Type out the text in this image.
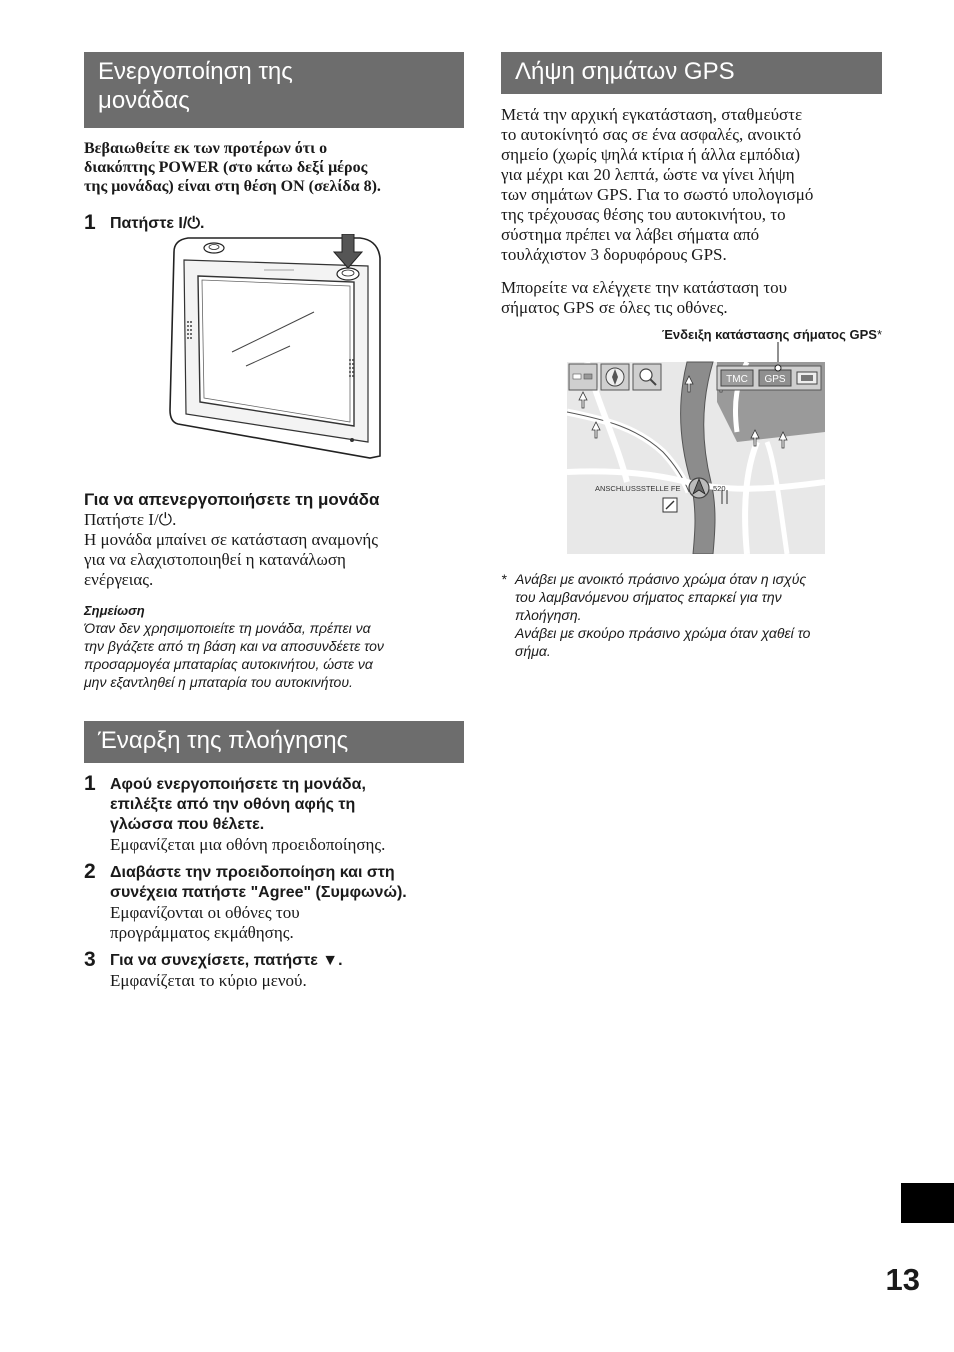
Ενεργοποίηση της
μονάδας
Βεβαιωθείτε εκ των προτέρων ότι ο
διακόπτης POWER (στο κάτω δεξί μέρος
της μονάδας) είναι στη θέση ON (σελίδα 8).
1 Πατήστε I/⏻.
Για να απενεργοποιήσετε τη μονάδα
Πατήστε I/⏻.
Η μονάδα μπαίνει σε κατάσταση αναμονής
για να ελαχιστοποιηθεί η κατανάλωση
ενέργειας.
Σημείωση
Όταν δεν χρησιμοποιείτε τη μονάδα, πρέπει να
την βγάζετε από τη βάση και να αποσυνδέετε τον
προσαρμογέα μπαταρίας αυτοκινήτου, ώστε να
μην εξαντληθεί η μπαταρία του αυτοκινήτου.
Έναρξη της πλοήγησης
1 Αφού ενεργοποιήσετε τη μονάδα,
επιλέξτε από την οθόνη αφής τη
γλώσσα που θέλετε.
Εμφανίζεται μια οθόνη προειδοποίησης.
2 Διαβάστε την προειδοποίηση και στη
συνέχεια πατήστε "Agree" (Συμφωνώ).
Εμφανίζονται οι οθόνες του
προγράμματος εκμάθησης.
3 Για να συνεχίσετε, πατήστε ▼.
Εμφανίζεται το κύριο μενού.
Λήψη σημάτων GPS
Μετά την αρχική εγκατάσταση, σταθμεύστε
το αυτοκίνητό σας σε ένα ασφαλές, ανοικτό
σημείο (χωρίς ψηλά κτίρια ή άλλα εμπόδια)
για μέχρι και 20 λεπτά, ώστε να γίνει λήψη
των σημάτων GPS. Για το σωστό υπολογισμό
της τρέχουσας θέσης του αυτοκινήτου, το
σύστημα πρέπει να λάβει σήματα από
τουλάχιστον 3 δορυφόρους GPS.
Μπορείτε να ελέγχετε την κατάσταση του
σήματος GPS σε όλες τις οθόνες.
Ένδειξη κατάστασης σήματος GPS*
TMC GPS
ANSCHLUSSSTELLE FE	520
* Ανάβει με ανοικτό πράσινο χρώμα όταν η ισχύς
του λαμβανόμενου σήματος επαρκεί για την
πλοήγηση.
Ανάβει με σκούρο πράσινο χρώμα όταν χαθεί το
σήμα.
13
